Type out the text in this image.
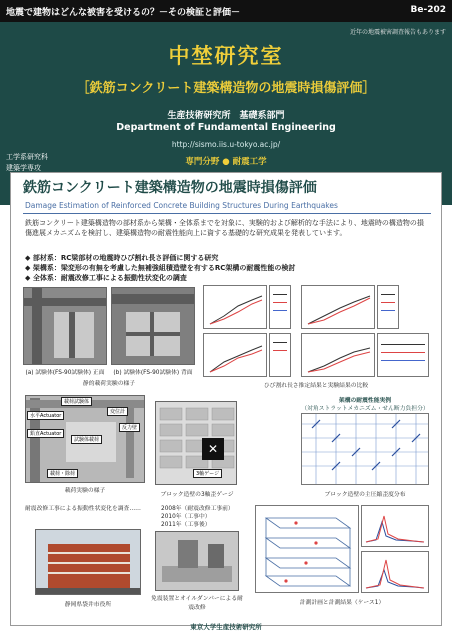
地震で建物はどんな被害を受けるの？－その検証と評価－	Be-202
近年の地震被害調査報告もあります
中埜研究室
［鉄筋コンクリート建築構造物の地震時損傷評価］
生産技術研究所　基礎系部門
Department of Fundamental Engineering
http://sismo.iis.u-tokyo.ac.jp/
専門分野 ● 耐震工学
工学系研究科
建築学専攻
鉄筋コンクリート建築構造物の地震時損傷評価
Damage Estimation of Reinforced Concrete Building Structures During Earthquakes
鉄筋コンクリート建築構造物の部材系から架構・全体系までを対象に、実験的および解析的な手法により、地震時の構造物の損傷進展メカニズムを検討し、建築構造物の耐震性能向上に資する基礎的な研究成果を発表しています。
◆ 部材系：RC梁部材の地震時ひび割れ長さ評価に関する研究
◆ 架構系：梁変形の有無を考慮した無補強組積造壁を有するRC架構の耐震性能の検討
◆ 全体系：耐震改修工事による振動性状変化の調査
(a) 試験体(FS-90試験体) 正面	(b) 試験体(FS-90試験体) 背面
静的載荷実験の様子	ひび割れ長さ推定結果と実験結果の比較
載荷試験体
変位計
水平Actuator
鉛直Actuator
試験体載荷
反力壁
載荷・除荷
載荷実験の様子
✕
3軸ゲージ
ブロック造壁の3軸歪ゲージ
架構の耐震性能実例
（対角ストラットメカニズム・せん断力負担分）
ブロック造壁の主圧縮歪度分布
耐震改修工事による振動性状変化を調査……	2008年（耐震改修工事前）
2010年（工事中）
2011年（工事後）
静岡県袋井市役所
免震装置とオイルダンパーによる耐震改修
計測計画と計測結果（ケース1）
東京大学生産技術研究所
